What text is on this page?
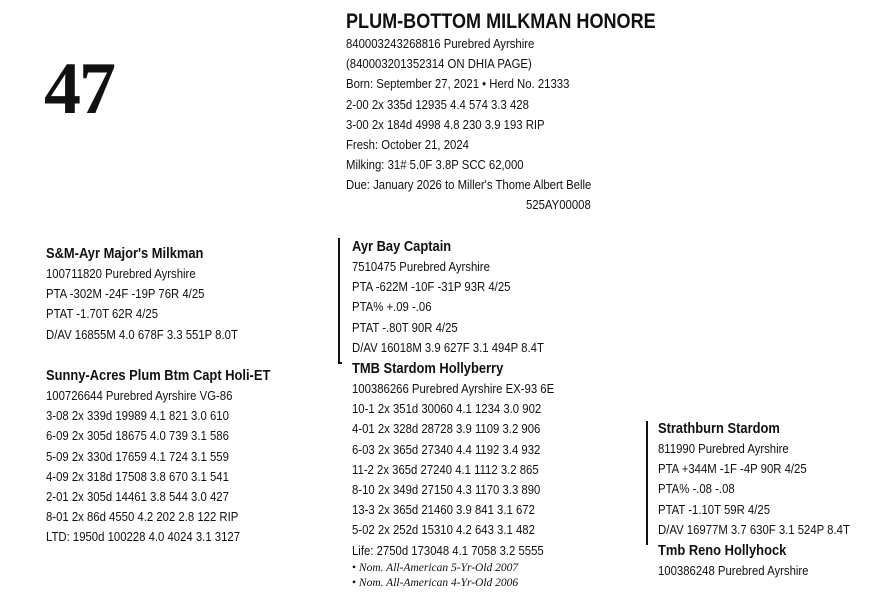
47
PLUM-BOTTOM MILKMAN HONORE
840003243268816 Purebred Ayrshire
(840003201352314 ON DHIA PAGE)
Born: September 27, 2021 • Herd No. 21333
2-00 2x 335d 12935 4.4 574 3.3 428
3-00 2x 184d 4998 4.8 230 3.9 193 RIP
Fresh: October 21, 2024
Milking: 31# 5.0F 3.8P SCC 62,000
Due: January 2026 to Miller's Thome Albert Belle
525AY00008
S&M-Ayr Major's Milkman
100711820 Purebred Ayrshire
PTA -302M -24F -19P 76R 4/25
PTAT -1.70T 62R 4/25
D/AV 16855M 4.0 678F 3.3 551P 8.0T
Sunny-Acres Plum Btm Capt Holi-ET
100726644 Purebred Ayrshire VG-86
3-08 2x 339d 19989 4.1 821 3.0 610
6-09 2x 305d 18675 4.0 739 3.1 586
5-09 2x 330d 17659 4.1 724 3.1 559
4-09 2x 318d 17508 3.8 670 3.1 541
2-01 2x 305d 14461 3.8 544 3.0 427
8-01 2x 86d 4550 4.2 202 2.8 122 RIP
LTD: 1950d 100228 4.0 4024 3.1 3127
Ayr Bay Captain
7510475 Purebred Ayrshire
PTA -622M -10F -31P 93R 4/25
PTA% +.09 -.06
PTAT -.80T 90R 4/25
D/AV 16018M 3.9 627F 3.1 494P 8.4T
TMB Stardom Hollyberry
100386266 Purebred Ayrshire EX-93 6E
10-1 2x 351d 30060 4.1 1234 3.0 902
4-01 2x 328d 28728 3.9 1109 3.2 906
6-03 2x 365d 27340 4.4 1192 3.4 932
11-2 2x 365d 27240 4.1 1112 3.2 865
8-10 2x 349d 27150 4.3 1170 3.3 890
13-3 2x 365d 21460 3.9 841 3.1 672
5-02 2x 252d 15310 4.2 643 3.1 482
Life: 2750d 173048 4.1 7058 3.2 5555
• Nom. All-American 5-Yr-Old 2007
• Nom. All-American 4-Yr-Old 2006
Strathburn Stardom
811990 Purebred Ayrshire
PTA +344M -1F -4P 90R 4/25
PTA% -.08 -.08
PTAT -1.10T 59R 4/25
D/AV 16977M 3.7 630F 3.1 524P 8.4T
Tmb Reno Hollyhock
100386248 Purebred Ayrshire
